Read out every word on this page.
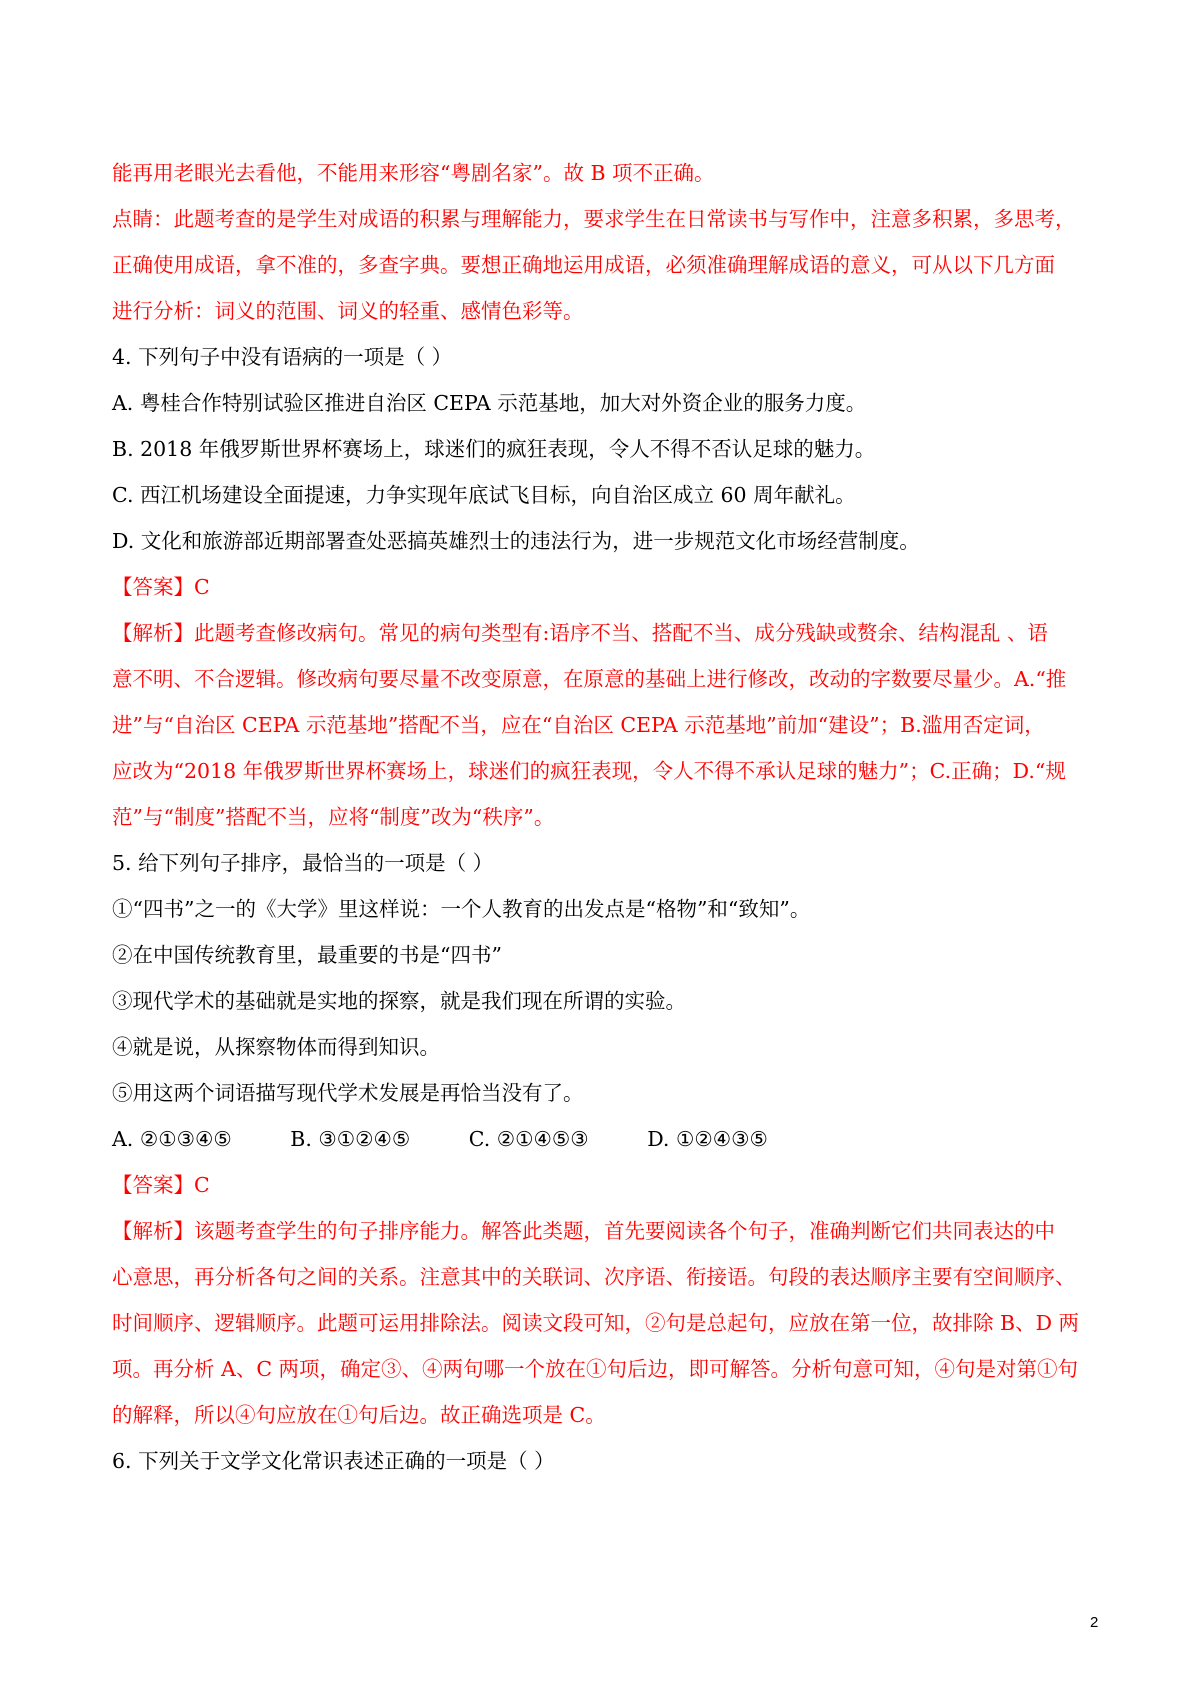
能再用老眼光去看他，不能用来形容“粤剧名家”。故 B 项不正确。
点睛：此题考查的是学生对成语的积累与理解能力，要求学生在日常读书与写作中，注意多积累，多思考，
正确使用成语，拿不准的，多查字典。要想正确地运用成语，必须准确理解成语的意义，可从以下几方面
进行分析：词义的范围、词义的轻重、感情色彩等。
4. 下列句子中没有语病的一项是（ ）
A. 粤桂合作特别试验区推进自治区 CEPA 示范基地，加大对外资企业的服务力度。
B. 2018 年俄罗斯世界杯赛场上，球迷们的疯狂表现，令人不得不否认足球的魅力。
C. 西江机场建设全面提速，力争实现年底试飞目标，向自治区成立 60 周年献礼。
D. 文化和旅游部近期部署查处恶搞英雄烈士的违法行为，进一步规范文化市场经营制度。
【答案】C
【解析】此题考查修改病句。常见的病句类型有:语序不当、搭配不当、成分残缺或赘余、结构混乱 、语
意不明、不合逻辑。修改病句要尽量不改变原意，在原意的基础上进行修改，改动的字数要尽量少。A.“推
进”与“自治区 CEPA 示范基地”搭配不当，应在“自治区 CEPA 示范基地”前加“建设”；B.滥用否定词，
应改为“2018 年俄罗斯世界杯赛场上，球迷们的疯狂表现，令人不得不承认足球的魅力”；C.正确；D.“规
范”与“制度”搭配不当，应将“制度”改为“秩序”。
5. 给下列句子排序，最恰当的一项是（ ）
①“四书”之一的《大学》里这样说：一个人教育的出发点是“格物”和“致知”。
②在中国传统教育里，最重要的书是“四书”
③现代学术的基础就是实地的探察，就是我们现在所谓的实验。
④就是说，从探察物体而得到知识。
⑤用这两个词语描写现代学术发展是再恰当没有了。
A. ②①③④⑤	B. ③①②④⑤	C. ②①④⑤③	D. ①②④③⑤
【答案】C
【解析】该题考查学生的句子排序能力。解答此类题，首先要阅读各个句子，准确判断它们共同表达的中
心意思，再分析各句之间的关系。注意其中的关联词、次序语、衔接语。句段的表达顺序主要有空间顺序、
时间顺序、逻辑顺序。此题可运用排除法。阅读文段可知，②句是总起句，应放在第一位，故排除 B、D 两
项。再分析 A、C 两项，确定③、④两句哪一个放在①句后边，即可解答。分析句意可知，④句是对第①句
的解释，所以④句应放在①句后边。故正确选项是 C。
6. 下列关于文学文化常识表述正确的一项是（ ）
2
